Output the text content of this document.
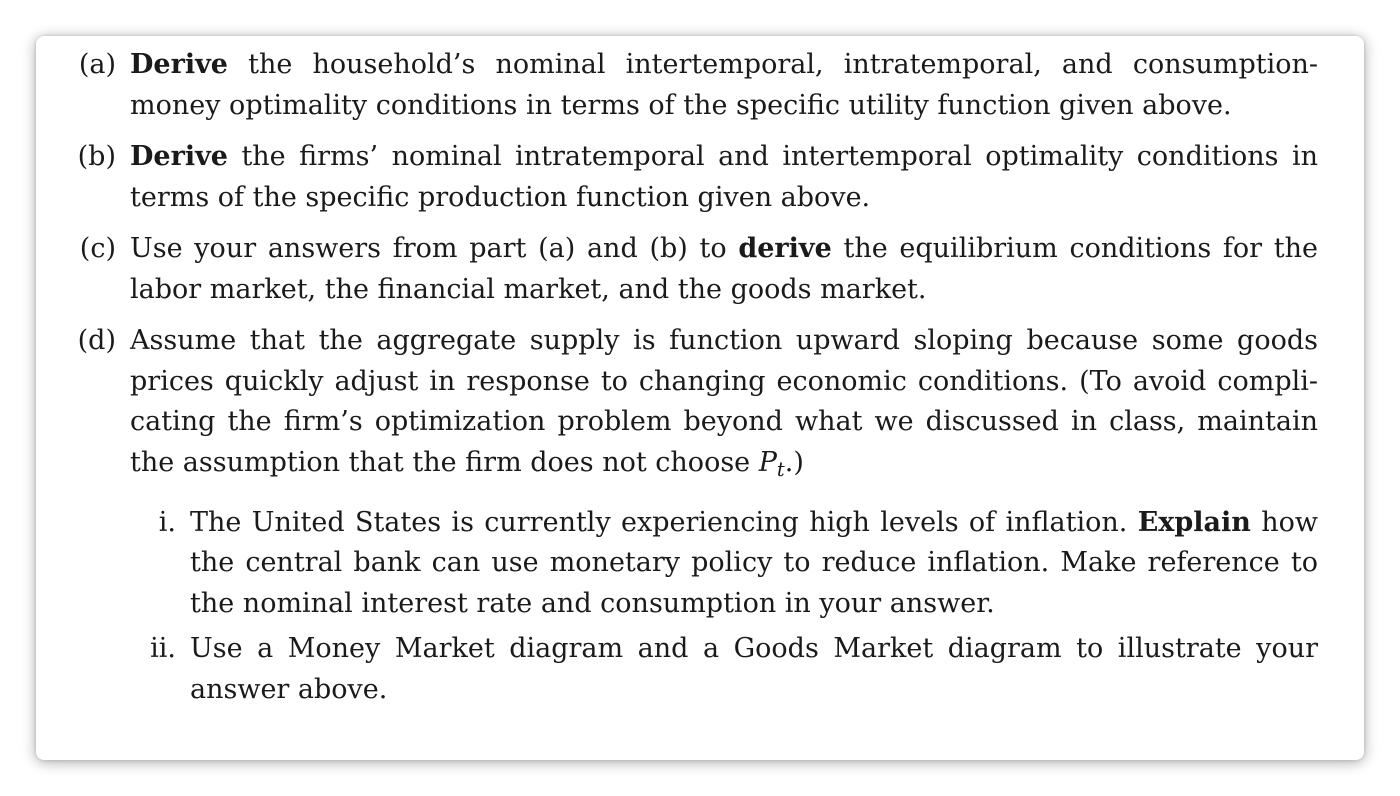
(a) Derive the household’s nominal intertemporal, intratemporal, and consumption-money optimality conditions in terms of the specific utility function given above.
(b) Derive the firms’ nominal intratemporal and intertemporal optimality conditions in terms of the specific production function given above.
(c) Use your answers from part (a) and (b) to derive the equilibrium conditions for the labor market, the financial market, and the goods market.
(d) Assume that the aggregate supply is function upward sloping because some goods prices quickly adjust in response to changing economic conditions. (To avoid complicating the firm’s optimization problem beyond what we discussed in class, maintain the assumption that the firm does not choose Pt.)
i. The United States is currently experiencing high levels of inflation. Explain how the central bank can use monetary policy to reduce inflation. Make reference to the nominal interest rate and consumption in your answer.
ii. Use a Money Market diagram and a Goods Market diagram to illustrate your answer above.
